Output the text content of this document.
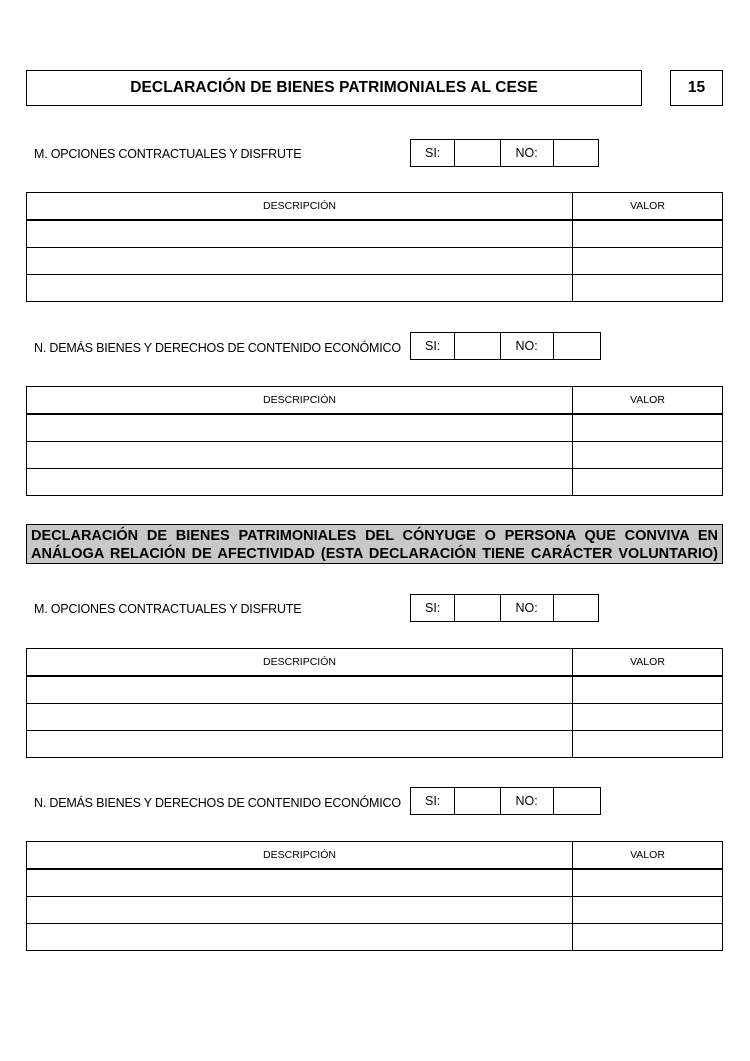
DECLARACIÓN DE BIENES PATRIMONIALES AL CESE	15
M. OPCIONES CONTRACTUALES Y DISFRUTE	SI:	NO:
DESCRIPCIÓN	VALOR
N. DEMÁS BIENES Y DERECHOS DE CONTENIDO ECONÓMICO	SI:	NO:
DESCRIPCIÓN	VALOR
DECLARACIÓN DE BIENES PATRIMONIALES DEL CÓNYUGE O PERSONA QUE CONVIVA EN
ANÁLOGA RELACIÓN DE AFECTIVIDAD (ESTA DECLARACIÓN TIENE CARÁCTER VOLUNTARIO)
M. OPCIONES CONTRACTUALES Y DISFRUTE	SI:	NO:
DESCRIPCIÓN	VALOR
N. DEMÁS BIENES Y DERECHOS DE CONTENIDO ECONÓMICO	SI:	NO:
DESCRIPCIÓN	VALOR
